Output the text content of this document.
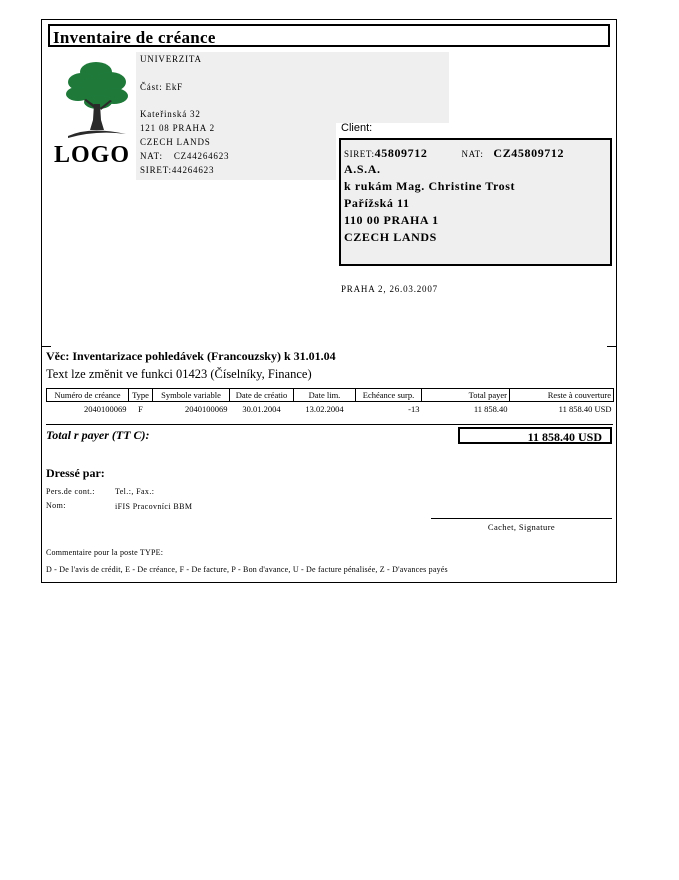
Inventaire de créance
LOGO
UNIVERZITA
Část: EkF
Kateřinská 32
121 08 PRAHA 2
CZECH LANDS
NAT: CZ44264623
SIRET:44264623
Client:
SIRET:45809712	NAT: CZ45809712
A.S.A.
k rukám Mag. Christine Trost
Pařížská 11
110 00 PRAHA 1
CZECH LANDS
PRAHA 2, 26.03.2007
Věc: Inventarizace pohledávek (Francouzsky) k 31.01.04
Text lze změnit ve funkci 01423 (Číselníky, Finance)
Numéro de créance	Type	Symbole variable	Date de créatio	Date lim.	Echéance surp.	Total payer	Reste à couverture
2040100069	F	2040100069	30.01.2004	13.02.2004	-13	11 858.40	11 858.40 USD
Total r payer (TT C):	11 858.40 USD
Dressé par:
Pers.de cont.:	Tel.:, Fax.:
Nom:	iFIS Pracovníci BBM
Cachet, Signature
Commentaire pour la poste TYPE:
D - De l'avis de crédit, E - De créance, F - De facture, P - Bon d'avance, U - De facture pénalisée, Z - D'avances payés
